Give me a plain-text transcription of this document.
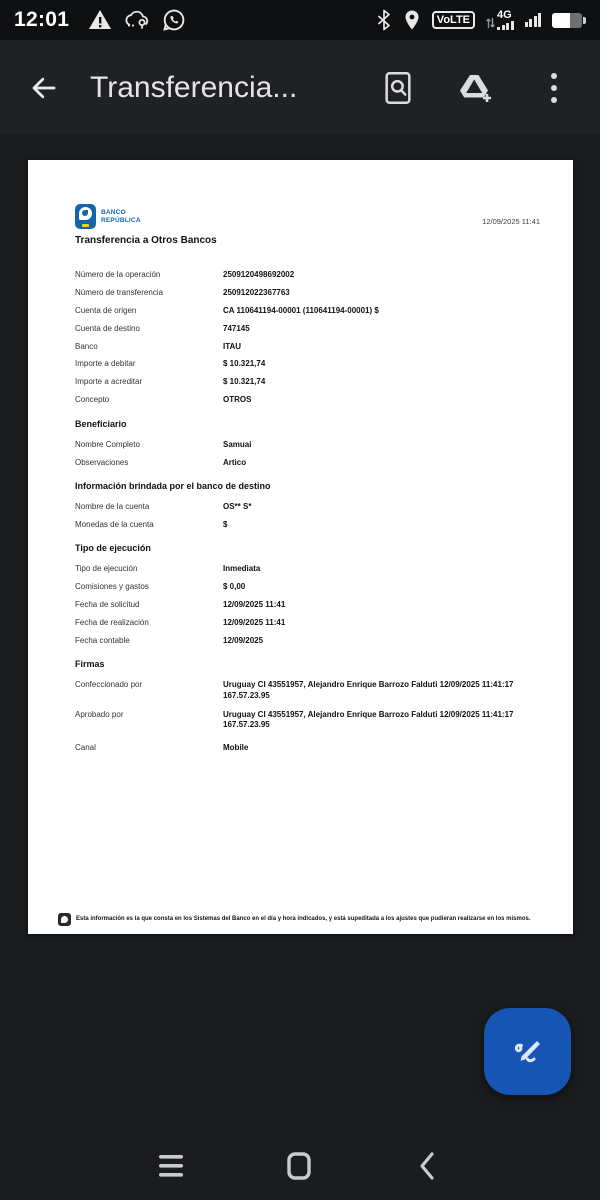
12:01	VoLTE	4G
Transferencia...
BANCO
REPÚBLICA	12/09/2025 11:41
Transferencia a Otros Bancos
Número de la operación	2509120498692002
Número de transferencia	250912022367763
Cuenta de origen	CA 110641194-00001 (110641194-00001) $
Cuenta de destino	747145
Banco	ITAU
Importe a debitar	$ 10.321,74
Importe a acreditar	$ 10.321,74
Concepto	OTROS
Beneficiario
Nombre Completo	Samuai
Observaciones	Artico
Información brindada por el banco de destino
Nombre de la cuenta	OS** S*
Monedas de la cuenta	$
Tipo de ejecución
Tipo de ejecución	Inmediata
Comisiones y gastos	$ 0,00
Fecha de solicitud	12/09/2025 11:41
Fecha de realización	12/09/2025 11:41
Fecha contable	12/09/2025
Firmas
Confeccionado por	Uruguay CI 43551957, Alejandro Enrique Barrozo Falduti 12/09/2025 11:41:17 167.57.23.95
Aprobado por	Uruguay CI 43551957, Alejandro Enrique Barrozo Falduti 12/09/2025 11:41:17 167.57.23.95
Canal	Mobile
Esta información es la que consta en los Sistemas del Banco en el día y hora indicados, y está supeditada a los ajustes que pudieran realizarse en los mismos.
